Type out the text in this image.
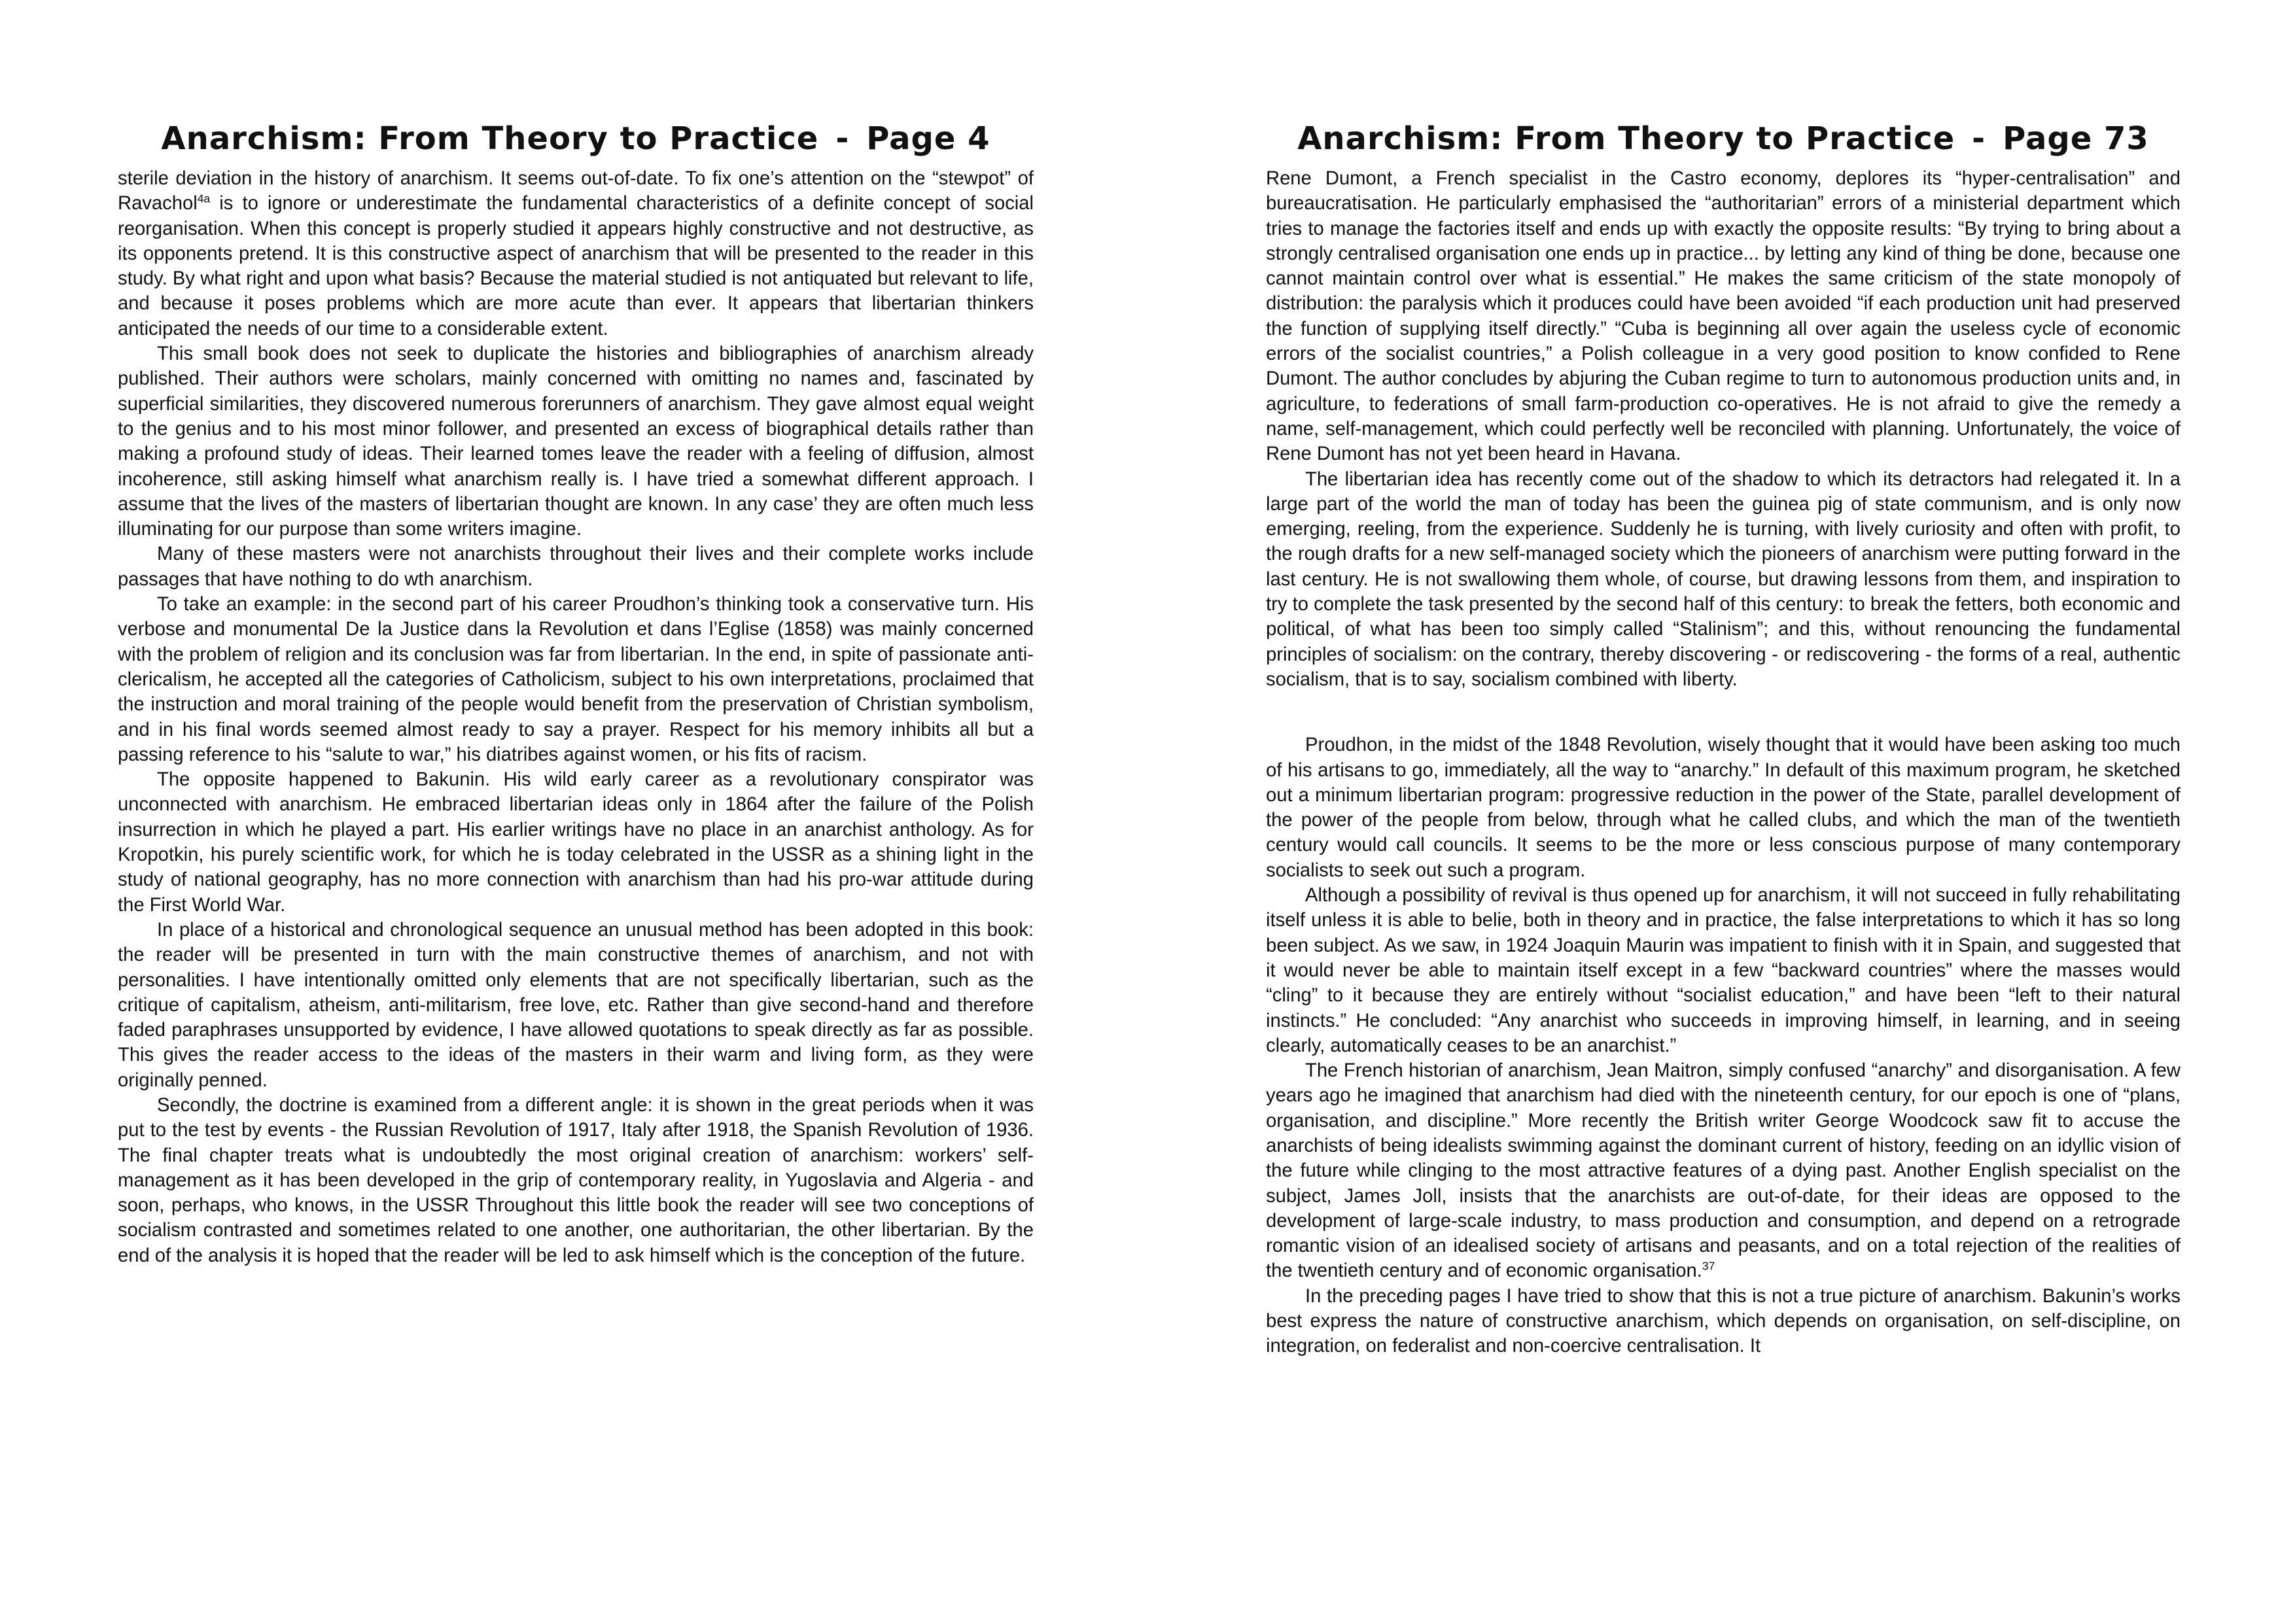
Anarchism: From Theory to Practice - Page 4

sterile deviation in the history of anarchism. It seems out-of-date. To fix one’s attention on the “stewpot” of Ravachol$^{4a}$ is to ignore or underestimate the fundamental characteristics of a definite concept of social reorganisation. When this concept is properly studied it appears highly constructive and not destructive, as its opponents pretend. It is this constructive aspect of anarchism that will be presented to the reader in this study. By what right and upon what basis? Because the material studied is not antiquated but relevant to life, and because it poses problems which are more acute than ever. It appears that libertarian thinkers anticipated the needs of our time to a considerable extent.

This small book does not seek to duplicate the histories and bibliographies of anarchism already published. Their authors were scholars, mainly concerned with omitting no names and, fascinated by superficial similarities, they discovered numerous forerunners of anarchism. They gave almost equal weight to the genius and to his most minor follower, and presented an excess of biographical details rather than making a profound study of ideas. Their learned tomes leave the reader with a feeling of diffusion, almost incoherence, still asking himself what anarchism really is. I have tried a somewhat different approach. I assume that the lives of the masters of libertarian thought are known. In any case’ they are often much less illuminating for our purpose than some writers imagine.

Many of these masters were not anarchists throughout their lives and their complete works include passages that have nothing to do wth anarchism.

To take an example: in the second part of his career Proudhon’s thinking took a conservative turn. His verbose and monumental De la Justice dans la Revolution et dans l’Eglise (1858) was mainly concerned with the problem of religion and its conclusion was far from libertarian. In the end, in spite of passionate anti-clericalism, he accepted all the categories of Catholicism, subject to his own interpretations, proclaimed that the instruction and moral training of the people would benefit from the preservation of Christian symbolism, and in his final words seemed almost ready to say a prayer. Respect for his memory inhibits all but a passing reference to his “salute to war,” his diatribes against women, or his fits of racism.

The opposite happened to Bakunin. His wild early career as a revolutionary conspirator was unconnected with anarchism. He embraced libertarian ideas only in 1864 after the failure of the Polish insurrection in which he played a part. His earlier writings have no place in an anarchist anthology. As for Kropotkin, his purely scientific work, for which he is today celebrated in the USSR as a shining light in the study of national geography, has no more connection with anarchism than had his pro-war attitude during the First World War.

In place of a historical and chronological sequence an unusual method has been adopted in this book: the reader will be presented in turn with the main constructive themes of anarchism, and not with personalities. I have intentionally omitted only elements that are not specifically libertarian, such as the critique of capitalism, atheism, anti-militarism, free love, etc. Rather than give second-hand and therefore faded paraphrases unsupported by evidence, I have allowed quotations to speak directly as far as possible. This gives the reader access to the ideas of the masters in their warm and living form, as they were originally penned.

Secondly, the doctrine is examined from a different angle: it is shown in the great periods when it was put to the test by events - the Russian Revolution of 1917, Italy after 1918, the Spanish Revolution of 1936. The final chapter treats what is undoubtedly the most original creation of anarchism: workers’ self-management as it has been developed in the grip of contemporary reality, in Yugoslavia and Algeria - and soon, perhaps, who knows, in the USSR Throughout this little book the reader will see two conceptions of socialism contrasted and sometimes related to one another, one authoritarian, the other libertarian. By the end of the analysis it is hoped that the reader will be led to ask himself which is the conception of the future.

Anarchism: From Theory to Practice - Page 73

Rene Dumont, a French specialist in the Castro economy, deplores its “hyper-centralisation” and bureaucratisation. He particularly emphasised the “authoritarian” errors of a ministerial department which tries to manage the factories itself and ends up with exactly the opposite results: “By trying to bring about a strongly centralised organisation one ends up in practice... by letting any kind of thing be done, because one cannot maintain control over what is essential.” He makes the same criticism of the state monopoly of distribution: the paralysis which it produces could have been avoided “if each production unit had preserved the function of supplying itself directly.” “Cuba is beginning all over again the useless cycle of economic errors of the socialist countries,” a Polish colleague in a very good position to know confided to Rene Dumont. The author concludes by abjuring the Cuban regime to turn to autonomous production units and, in agriculture, to federations of small farm-production co-operatives. He is not afraid to give the remedy a name, self-management, which could perfectly well be reconciled with planning. Unfortunately, the voice of Rene Dumont has not yet been heard in Havana.

The libertarian idea has recently come out of the shadow to which its detractors had relegated it. In a large part of the world the man of today has been the guinea pig of state communism, and is only now emerging, reeling, from the experience. Suddenly he is turning, with lively curiosity and often with profit, to the rough drafts for a new self-managed society which the pioneers of anarchism were putting forward in the last century. He is not swallowing them whole, of course, but drawing lessons from them, and inspiration to try to complete the task presented by the second half of this century: to break the fetters, both economic and political, of what has been too simply called “Stalinism”; and this, without renouncing the fundamental principles of socialism: on the contrary, thereby discovering - or rediscovering - the forms of a real, authentic socialism, that is to say, socialism combined with liberty.

Proudhon, in the midst of the 1848 Revolution, wisely thought that it would have been asking too much of his artisans to go, immediately, all the way to “anarchy.” In default of this maximum program, he sketched out a minimum libertarian program: progressive reduction in the power of the State, parallel development of the power of the people from below, through what he called clubs, and which the man of the twentieth century would call councils. It seems to be the more or less conscious purpose of many contemporary socialists to seek out such a program.

Although a possibility of revival is thus opened up for anarchism, it will not succeed in fully rehabilitating itself unless it is able to belie, both in theory and in practice, the false interpretations to which it has so long been subject. As we saw, in 1924 Joaquin Maurin was impatient to finish with it in Spain, and suggested that it would never be able to maintain itself except in a few “backward countries” where the masses would “cling” to it because they are entirely without “socialist education,” and have been “left to their natural instincts.” He concluded: “Any anarchist who succeeds in improving himself, in learning, and in seeing clearly, automatically ceases to be an anarchist.”

The French historian of anarchism, Jean Maitron, simply confused “anarchy” and disorganisation. A few years ago he imagined that anarchism had died with the nineteenth century, for our epoch is one of “plans, organisation, and discipline.” More recently the British writer George Woodcock saw fit to accuse the anarchists of being idealists swimming against the dominant current of history, feeding on an idyllic vision of the future while clinging to the most attractive features of a dying past. Another English specialist on the subject, James Joll, insists that the anarchists are out-of-date, for their ideas are opposed to the development of large-scale industry, to mass production and consumption, and depend on a retrograde romantic vision of an idealised society of artisans and peasants, and on a total rejection of the realities of the twentieth century and of economic organisation.$^{37}$

In the preceding pages I have tried to show that this is not a true picture of anarchism. Bakunin’s works best express the nature of constructive anarchism, which depends on organisation, on self-discipline, on integration, on federalist and non-coercive centralisation. It
